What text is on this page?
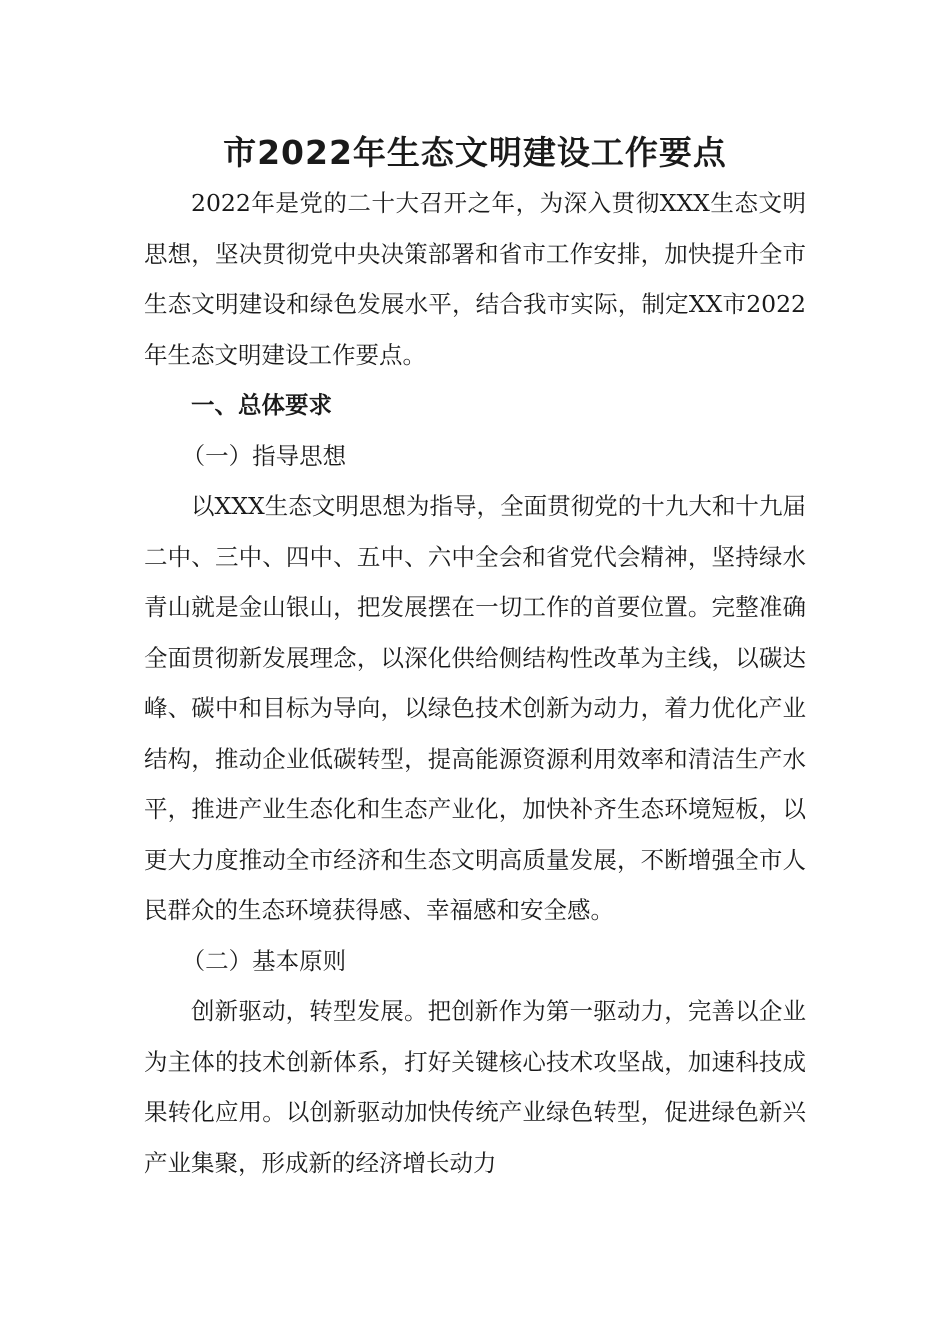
市2022年生态文明建设工作要点

2022年是党的二十大召开之年，为深入贯彻XXX生态文明思想，坚决贯彻党中央决策部署和省市工作安排，加快提升全市生态文明建设和绿色发展水平，结合我市实际，制定XX市2022年生态文明建设工作要点。

一、总体要求

（一）指导思想

以XXX生态文明思想为指导，全面贯彻党的十九大和十九届二中、三中、四中、五中、六中全会和省党代会精神，坚持绿水青山就是金山银山，把发展摆在一切工作的首要位置。完整准确全面贯彻新发展理念，以深化供给侧结构性改革为主线，以碳达峰、碳中和目标为导向，以绿色技术创新为动力，着力优化产业结构，推动企业低碳转型，提高能源资源利用效率和清洁生产水平，推进产业生态化和生态产业化，加快补齐生态环境短板，以更大力度推动全市经济和生态文明高质量发展，不断增强全市人民群众的生态环境获得感、幸福感和安全感。

（二）基本原则

创新驱动，转型发展。把创新作为第一驱动力，完善以企业为主体的技术创新体系，打好关键核心技术攻坚战，加速科技成果转化应用。以创新驱动加快传统产业绿色转型，促进绿色新兴产业集聚，形成新的经济增长动力
